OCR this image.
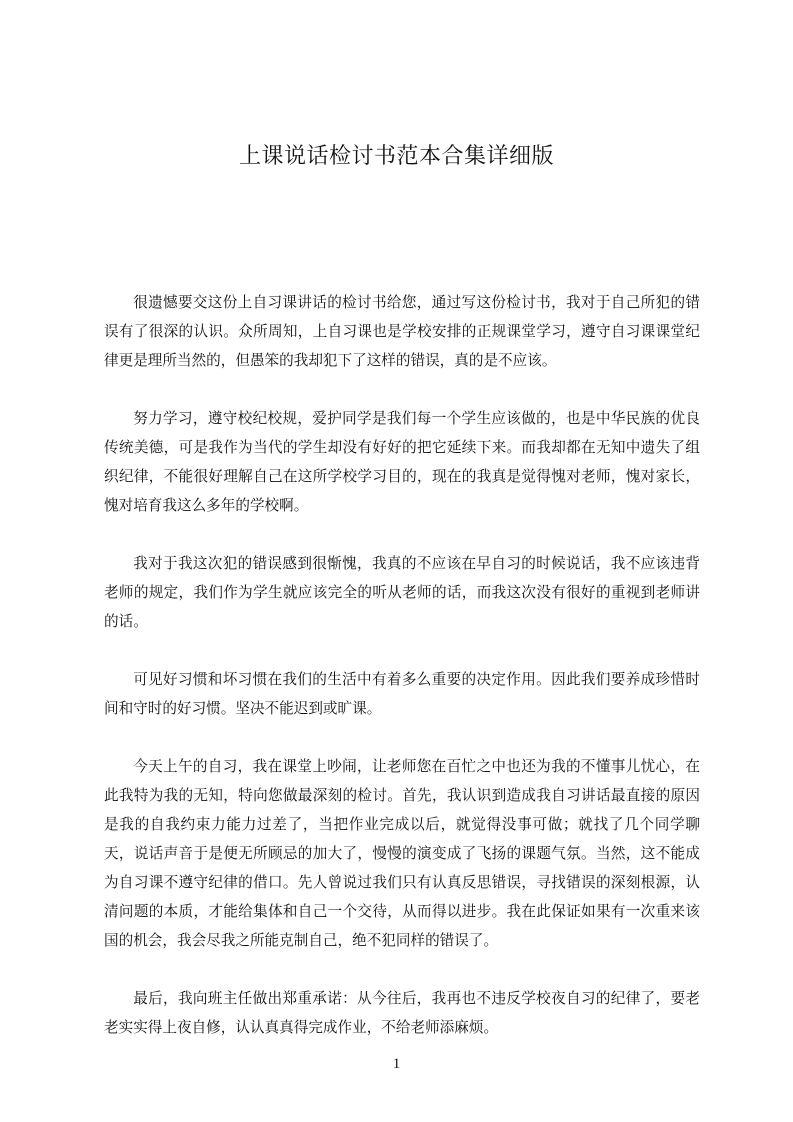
上课说话检讨书范本合集详细版

很遗憾要交这份上自习课讲话的检讨书给您，通过写这份检讨书，我对于自己所犯的错误有了很深的认识。众所周知，上自习课也是学校安排的正规课堂学习，遵守自习课课堂纪律更是理所当然的，但愚笨的我却犯下了这样的错误，真的是不应该。

努力学习，遵守校纪校规，爱护同学是我们每一个学生应该做的，也是中华民族的优良传统美德，可是我作为当代的学生却没有好好的把它延续下来。而我却都在无知中遗失了组织纪律，不能很好理解自己在这所学校学习目的，现在的我真是觉得愧对老师，愧对家长，愧对培育我这么多年的学校啊。

我对于我这次犯的错误感到很惭愧，我真的不应该在早自习的时候说话，我不应该违背老师的规定，我们作为学生就应该完全的听从老师的话，而我这次没有很好的重视到老师讲的话。

可见好习惯和坏习惯在我们的生活中有着多么重要的决定作用。因此我们要养成珍惜时间和守时的好习惯。坚决不能迟到或旷课。

今天上午的自习，我在课堂上吵闹，让老师您在百忙之中也还为我的不懂事儿忧心，在此我特为我的无知，特向您做最深刻的检讨。首先，我认识到造成我自习讲话最直接的原因是我的自我约束力能力过差了，当把作业完成以后，就觉得没事可做；就找了几个同学聊天，说话声音于是便无所顾忌的加大了，慢慢的演变成了飞扬的课题气氛。当然，这不能成为自习课不遵守纪律的借口。先人曾说过我们只有认真反思错误，寻找错误的深刻根源，认清问题的本质，才能给集体和自己一个交待，从而得以进步。我在此保证如果有一次重来该国的机会，我会尽我之所能克制自己，绝不犯同样的错误了。

最后，我向班主任做出郑重承诺：从今往后，我再也不违反学校夜自习的纪律了，要老老实实得上夜自修，认认真真得完成作业，不给老师添麻烦。

1
